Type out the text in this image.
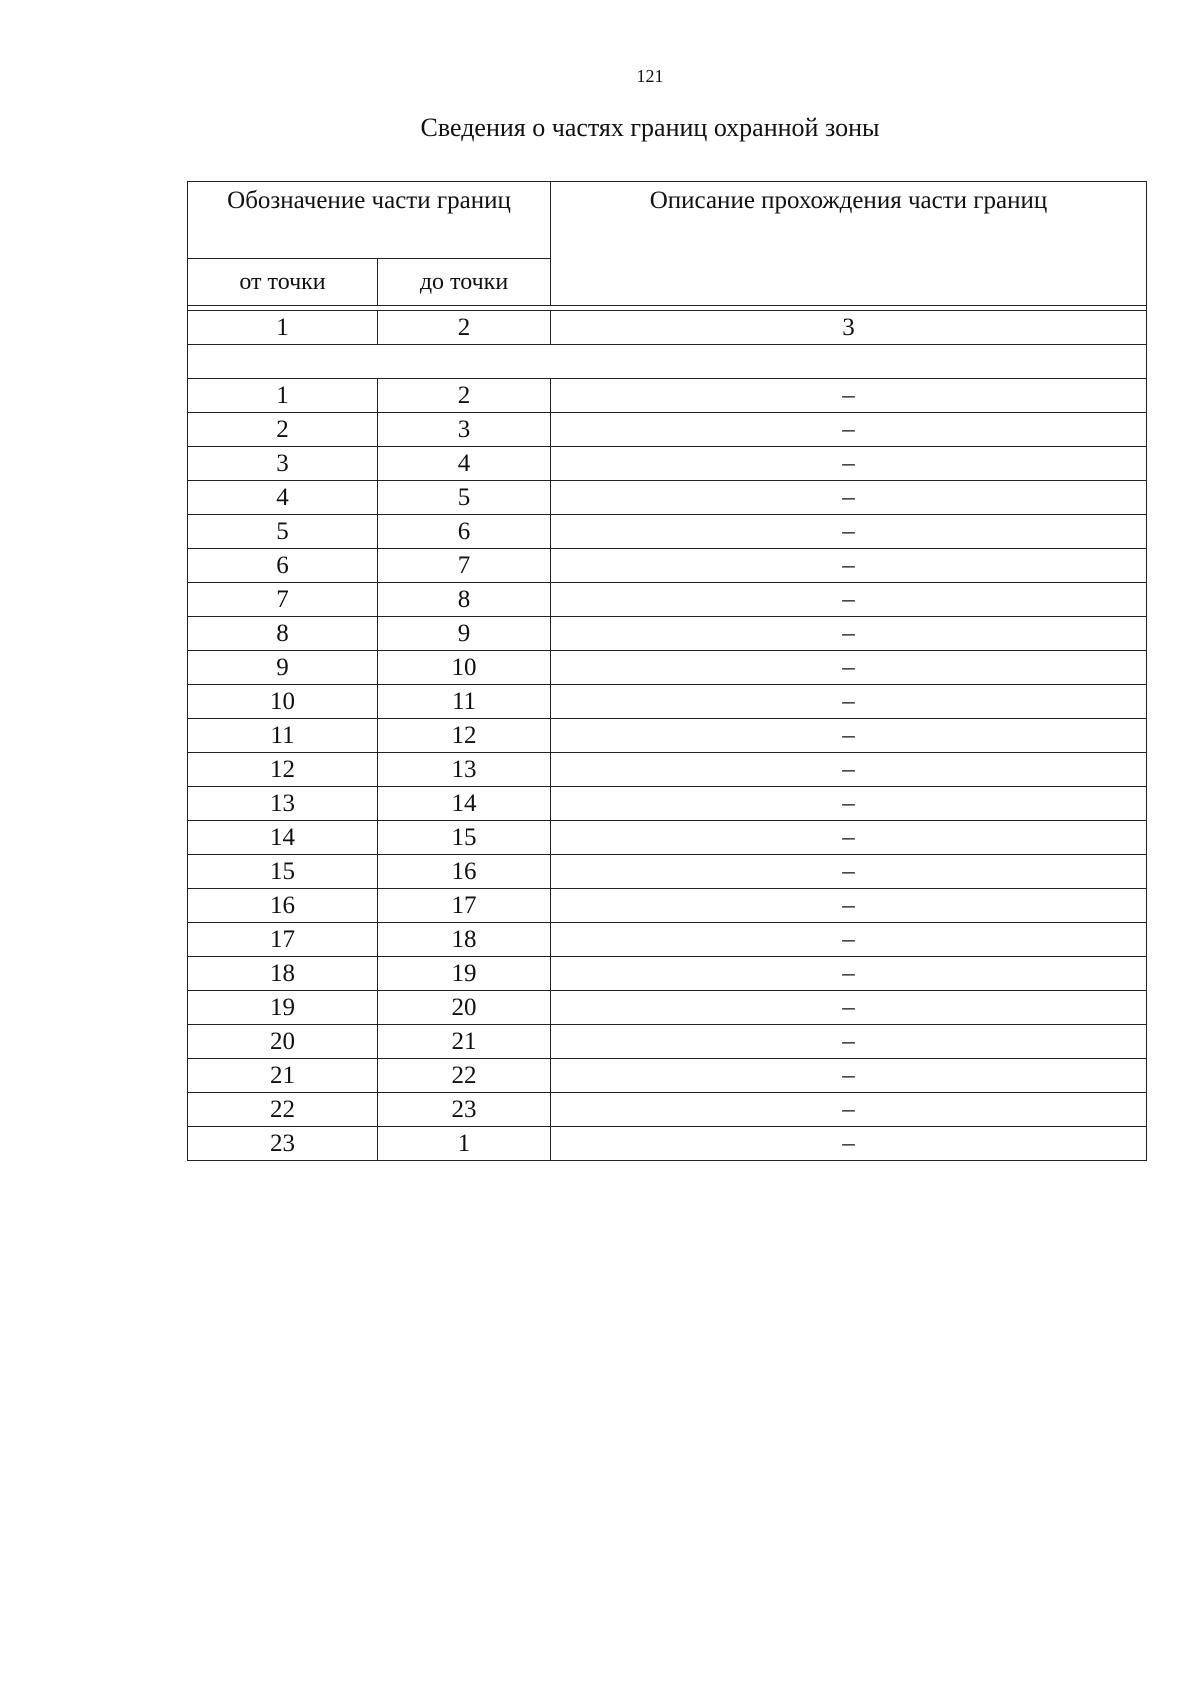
121
Сведения о частях границ охранной зоны
Обозначение части границ		Описание прохождения части границ
от точки	до точки	

1	2	3

1	2	–
2	3	–
3	4	–
4	5	–
5	6	–
6	7	–
7	8	–
8	9	–
9	10	–
10	11	–
11	12	–
12	13	–
13	14	–
14	15	–
15	16	–
16	17	–
17	18	–
18	19	–
19	20	–
20	21	–
21	22	–
22	23	–
23	1	–
